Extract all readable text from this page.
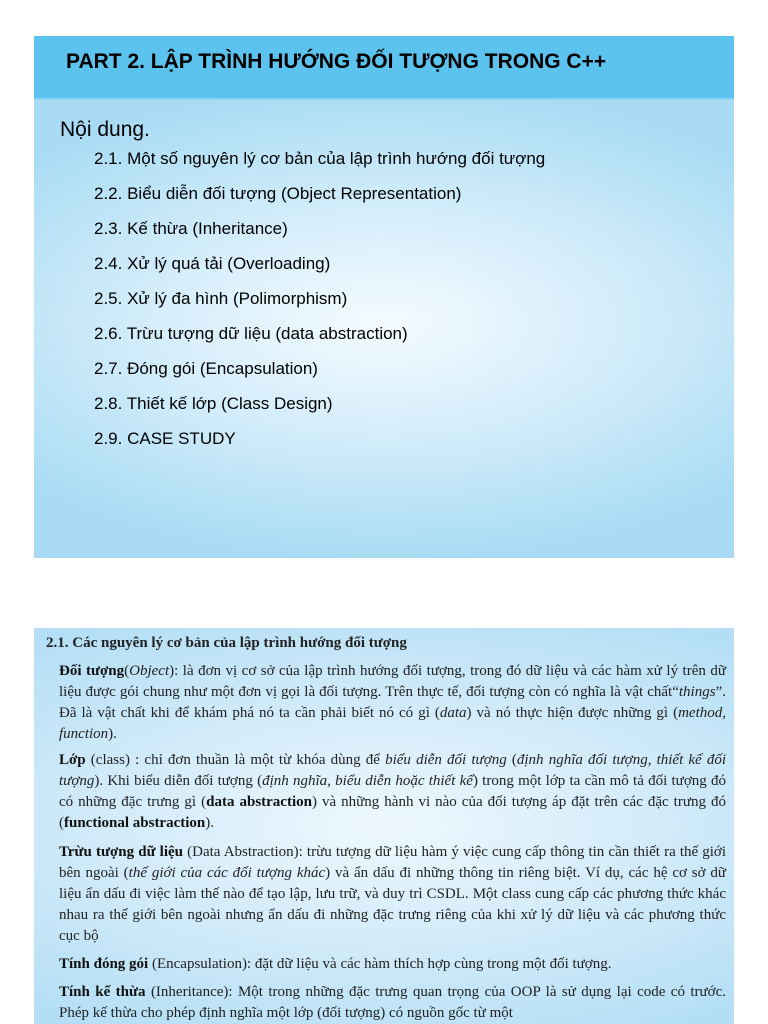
PART 2. LẬP TRÌNH HƯỚNG ĐỐI TƯỢNG TRONG C++
Nội dung.
2.1. Một số nguyên lý cơ bản của lập trình hướng đối tượng
2.2. Biểu diễn đối tượng (Object Representation)
2.3. Kế thừa (Inheritance)
2.4. Xử lý quá tải (Overloading)
2.5. Xử lý đa hình (Polimorphism)
2.6. Trừu tượng dữ liệu (data abstraction)
2.7. Đóng gói (Encapsulation)
2.8. Thiết kế lớp (Class Design)
2.9. CASE STUDY
2.1. Các nguyên lý cơ bản của lập trình hướng đối tượng
Đối tượng(Object): là đơn vị cơ sở của lập trình hướng đối tượng, trong đó dữ liệu và các hàm xử lý trên dữ liệu được gói chung như một đơn vị gọi là đối tượng. Trên thực tế, đối tượng còn có nghĩa là vật chất“things”. Đã là vật chất khi để khám phá nó ta cần phải biết nó có gì (data) và nó thực hiện được những gì (method, function).
Lớp (class) : chỉ đơn thuần là một từ khóa dùng để biểu diễn đối tượng (định nghĩa đối tượng, thiết kế đối tượng). Khi biểu diễn đối tượng (định nghĩa, biểu diễn hoặc thiết kế) trong một lớp ta cần mô tả đối tượng đó có những đặc trưng gì (data abstraction) và những hành vi nào của đối tượng áp đặt trên các đặc trưng đó (functional abstraction).
Trừu tượng dữ liệu (Data Abstraction): trừu tượng dữ liệu hàm ý việc cung cấp thông tin cần thiết ra thế giới bên ngoài (thế giới của các đối tượng khác) và ẩn dấu đi những thông tin riêng biệt. Ví dụ, các hệ cơ sở dữ liệu ẩn dấu đi việc làm thế nào để tạo lập, lưu trữ, và duy trì CSDL. Một class cung cấp các phương thức khác nhau ra thế giới bên ngoài nhưng ẩn dấu đi những đặc trưng riêng của khi xử lý dữ liệu và các phương thức cục bộ
Tính đóng gói (Encapsulation): đặt dữ liệu và các hàm thích hợp cùng trong một đối tượng.
Tính kế thừa (Inheritance): Một trong những đặc trưng quan trọng của OOP là sử dụng lại code có trước. Phép kế thừa cho phép định nghĩa một lớp (đối tượng) có nguồn gốc từ một
